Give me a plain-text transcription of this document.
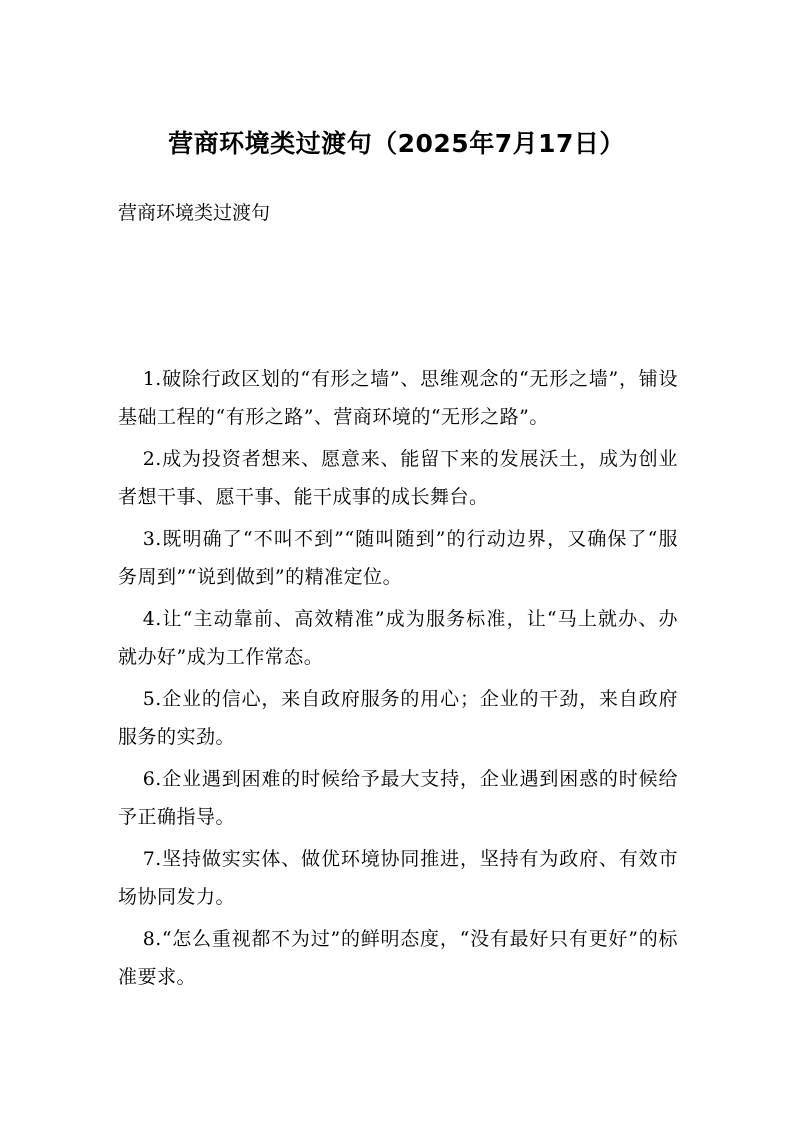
营商环境类过渡句（2025年7月17日）

营商环境类过渡句

1.破除行政区划的“有形之墙”、思维观念的“无形之墙”，铺设基础工程的“有形之路”、营商环境的“无形之路”。

2.成为投资者想来、愿意来、能留下来的发展沃土，成为创业者想干事、愿干事、能干成事的成长舞台。

3.既明确了“不叫不到”“随叫随到”的行动边界，又确保了“服务周到”“说到做到”的精准定位。

4.让“主动靠前、高效精准”成为服务标准，让“马上就办、办就办好”成为工作常态。

5.企业的信心，来自政府服务的用心；企业的干劲，来自政府服务的实劲。

6.企业遇到困难的时候给予最大支持，企业遇到困惑的时候给予正确指导。

7.坚持做实实体、做优环境协同推进，坚持有为政府、有效市场协同发力。

8.“怎么重视都不为过”的鲜明态度，“没有最好只有更好”的标准要求。
